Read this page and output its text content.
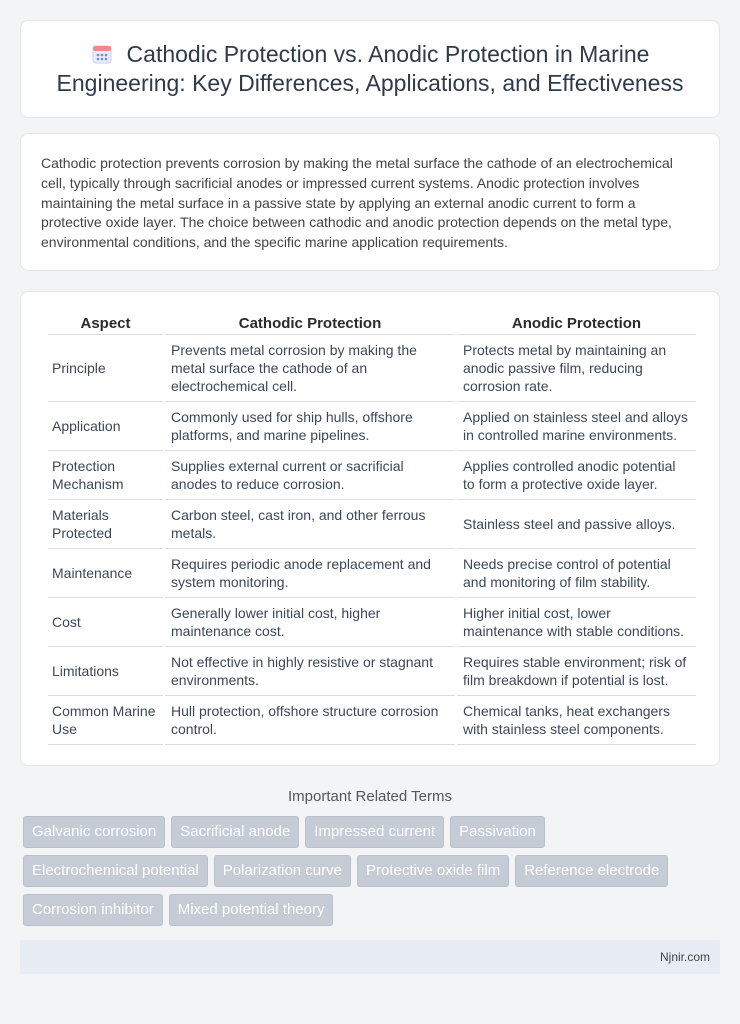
Cathodic Protection vs. Anodic Protection in Marine Engineering: Key Differences, Applications, and Effectiveness

Cathodic protection prevents corrosion by making the metal surface the cathode of an electrochemical cell, typically through sacrificial anodes or impressed current systems. Anodic protection involves maintaining the metal surface in a passive state by applying an external anodic current to form a protective oxide layer. The choice between cathodic and anodic protection depends on the metal type, environmental conditions, and the specific marine application requirements.

Aspect	Cathodic Protection	Anodic Protection
Principle	Prevents metal corrosion by making the metal surface the cathode of an electrochemical cell.	Protects metal by maintaining an anodic passive film, reducing corrosion rate.
Application	Commonly used for ship hulls, offshore platforms, and marine pipelines.	Applied on stainless steel and alloys in controlled marine environments.
Protection Mechanism	Supplies external current or sacrificial anodes to reduce corrosion.	Applies controlled anodic potential to form a protective oxide layer.
Materials Protected	Carbon steel, cast iron, and other ferrous metals.	Stainless steel and passive alloys.
Maintenance	Requires periodic anode replacement and system monitoring.	Needs precise control of potential and monitoring of film stability.
Cost	Generally lower initial cost, higher maintenance cost.	Higher initial cost, lower maintenance with stable conditions.
Limitations	Not effective in highly resistive or stagnant environments.	Requires stable environment; risk of film breakdown if potential is lost.
Common Marine Use	Hull protection, offshore structure corrosion control.	Chemical tanks, heat exchangers with stainless steel components.
Important Related Terms
Galvanic corrosion	Sacrificial anode	Impressed current	Passivation
Electrochemical potential	Polarization curve	Protective oxide film	Reference electrode
Corrosion inhibitor	Mixed potential theory
Njnir.com
